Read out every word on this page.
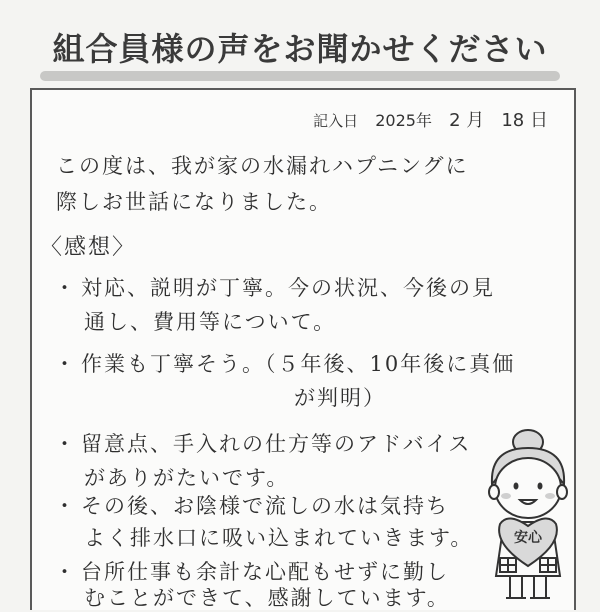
組合員様の声をお聞かせください
記入日 2025年 2 月 18 日
この度は、我が家の水漏れハプニングに
際しお世話になりました。
〈感想〉
・ 対応、説明が丁寧。今の状況、今後の見
通し、費用等について。
・ 作業も丁寧そう。（５年後、10年後に真価
が判明）
・ 留意点、手入れの仕方等のアドバイス
がありがたいです。
・ その後、お陰様で流しの水は気持ち
よく排水口に吸い込まれていきます。
・ 台所仕事も余計な心配もせずに勤し
むことができて、感謝しています。
安心
